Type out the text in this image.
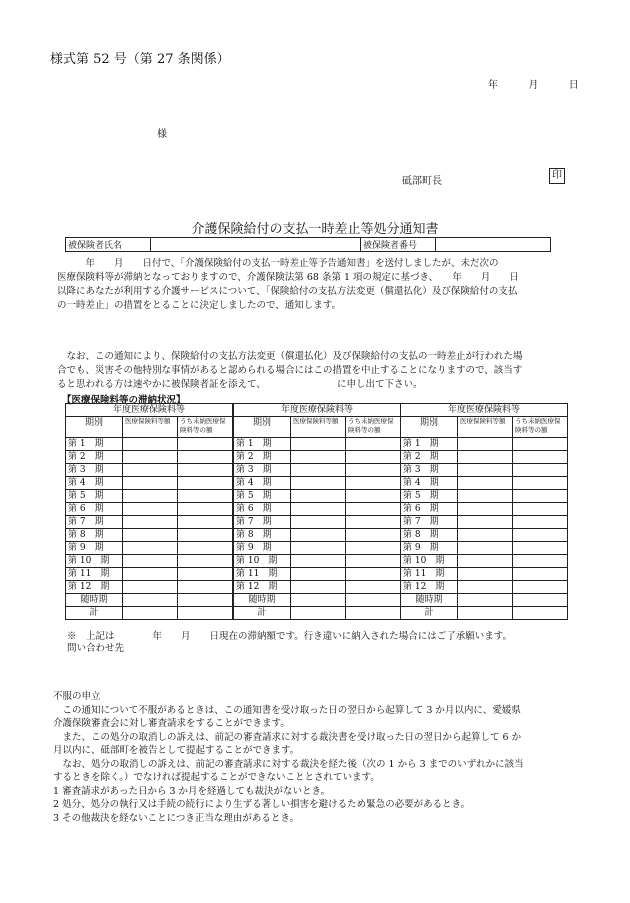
様式第 52 号（第 27 条関係）
年	月	日
様
砥部町長
印
介護保険給付の支払一時差止等処分通知書
被保険者氏名		被保険者番号	
　　　年　　月　　日付で、「介護保険給付の支払一時差止等予告通知書」を送付しましたが、未だ次の
医療保険料等が滞納となっておりますので、介護保険法第 68 条第 1 項の規定に基づき、　　年　　月　　日
以降にあなたが利用する介護サービスについて、「保険給付の支払方法変更（償還払化）及び保険給付の支払
の一時差止」の措置をとることに決定しましたので、通知します。
　なお、この通知により、保険給付の支払方法変更（償還払化）及び保険給付の支払の一時差止が行われた場
合でも、災害その他特別な事情があると認められる場合にはこの措置を中止することになりますので、該当す
ると思われる方は速やかに被保険者証を添えて、　　　　　　　　に申し出て下さい。
【医療保険料等の滞納状況】
年度医療保険料等		
期別	医療保険料等額	うち未納医療保険料等の額
第 1　期		
第 2　期		
第 3　期		
第 4　期		
第 5　期		
第 6　期		
第 7　期		
第 8　期		
第 9　期		
第 10　期		
第 11　期		
第 12　期		
随時期		
計		
年度医療保険料等		
期別	医療保険料等額	うち未納医療保険料等の額
第 1　期		
第 2　期		
第 3　期		
第 4　期		
第 5　期		
第 6　期		
第 7　期		
第 8　期		
第 9　期		
第 10　期		
第 11　期		
第 12　期		
随時期		
計		
年度医療保険料等		
期別	医療保険料等額	うち未納医療保険料等の額
第 1　期		
第 2　期		
第 3　期		
第 4　期		
第 5　期		
第 6　期		
第 7　期		
第 8　期		
第 9　期		
第 10　期		
第 11　期		
第 12　期		
随時期		
計		
※　上記は　　　　年　　月　　日現在の滞納額です。行き違いに納入された場合にはご了承願います。
問い合わせ先
不服の申立
　この通知について不服があるときは、この通知書を受け取った日の翌日から起算して 3 か月以内に、愛媛県
介護保険審査会に対し審査請求をすることができます。
　また、この処分の取消しの訴えは、前記の審査請求に対する裁決書を受け取った日の翌日から起算して 6 か
月以内に、砥部町を被告として提起することができます。
　なお、処分の取消しの訴えは、前記の審査請求に対する裁決を経た後（次の 1 から 3 までのいずれかに該当
するときを除く。）でなければ提起することができないこととされています。
1 審査請求があった日から 3 か月を経過しても裁決がないとき。
2 処分、処分の執行又は手続の続行により生ずる著しい損害を避けるため緊急の必要があるとき。
3 その他裁決を経ないことにつき正当な理由があるとき。
